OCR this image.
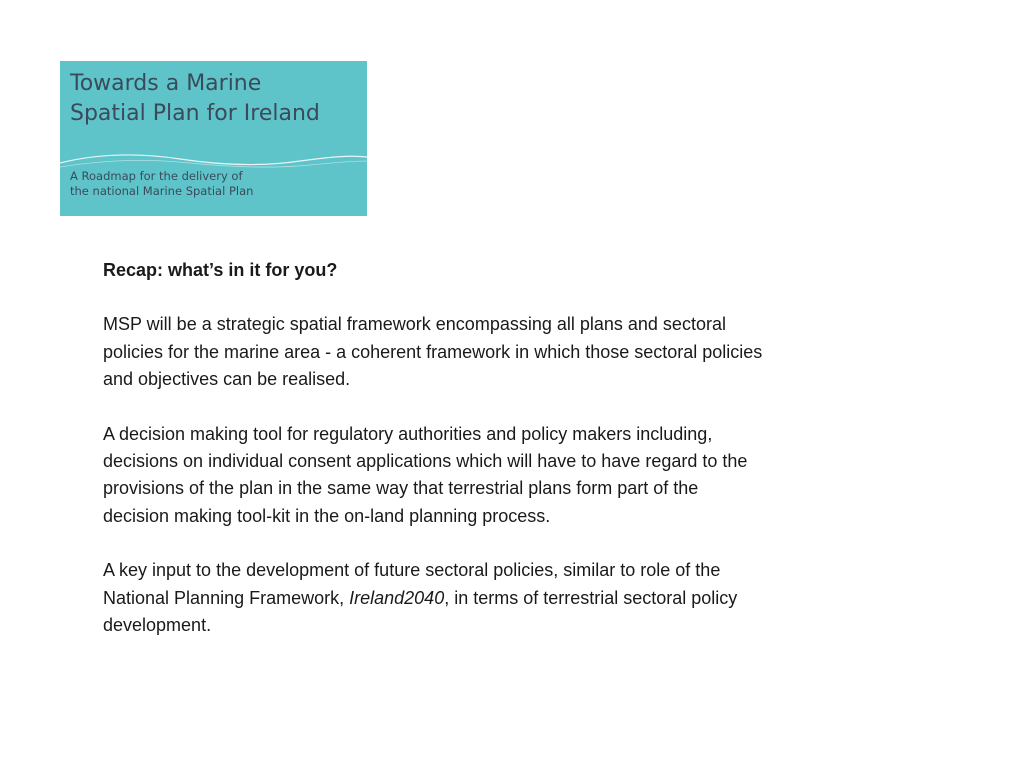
Towards a Marine
Spatial Plan for Ireland
A Roadmap for the delivery of
the national Marine Spatial Plan
Recap: what’s in it for you?
MSP will be a strategic spatial framework encompassing all plans and sectoral
policies for the marine area - a coherent framework in which those sectoral policies
and objectives can be realised.
A decision making tool for regulatory authorities and policy makers including,
decisions on individual consent applications which will have to have regard to the
provisions of the plan in the same way that terrestrial plans form part of the
decision making tool-kit in the on-land planning process.
A key input to the development of future sectoral policies, similar to role of the
National Planning Framework, Ireland2040, in terms of terrestrial sectoral policy
development.
